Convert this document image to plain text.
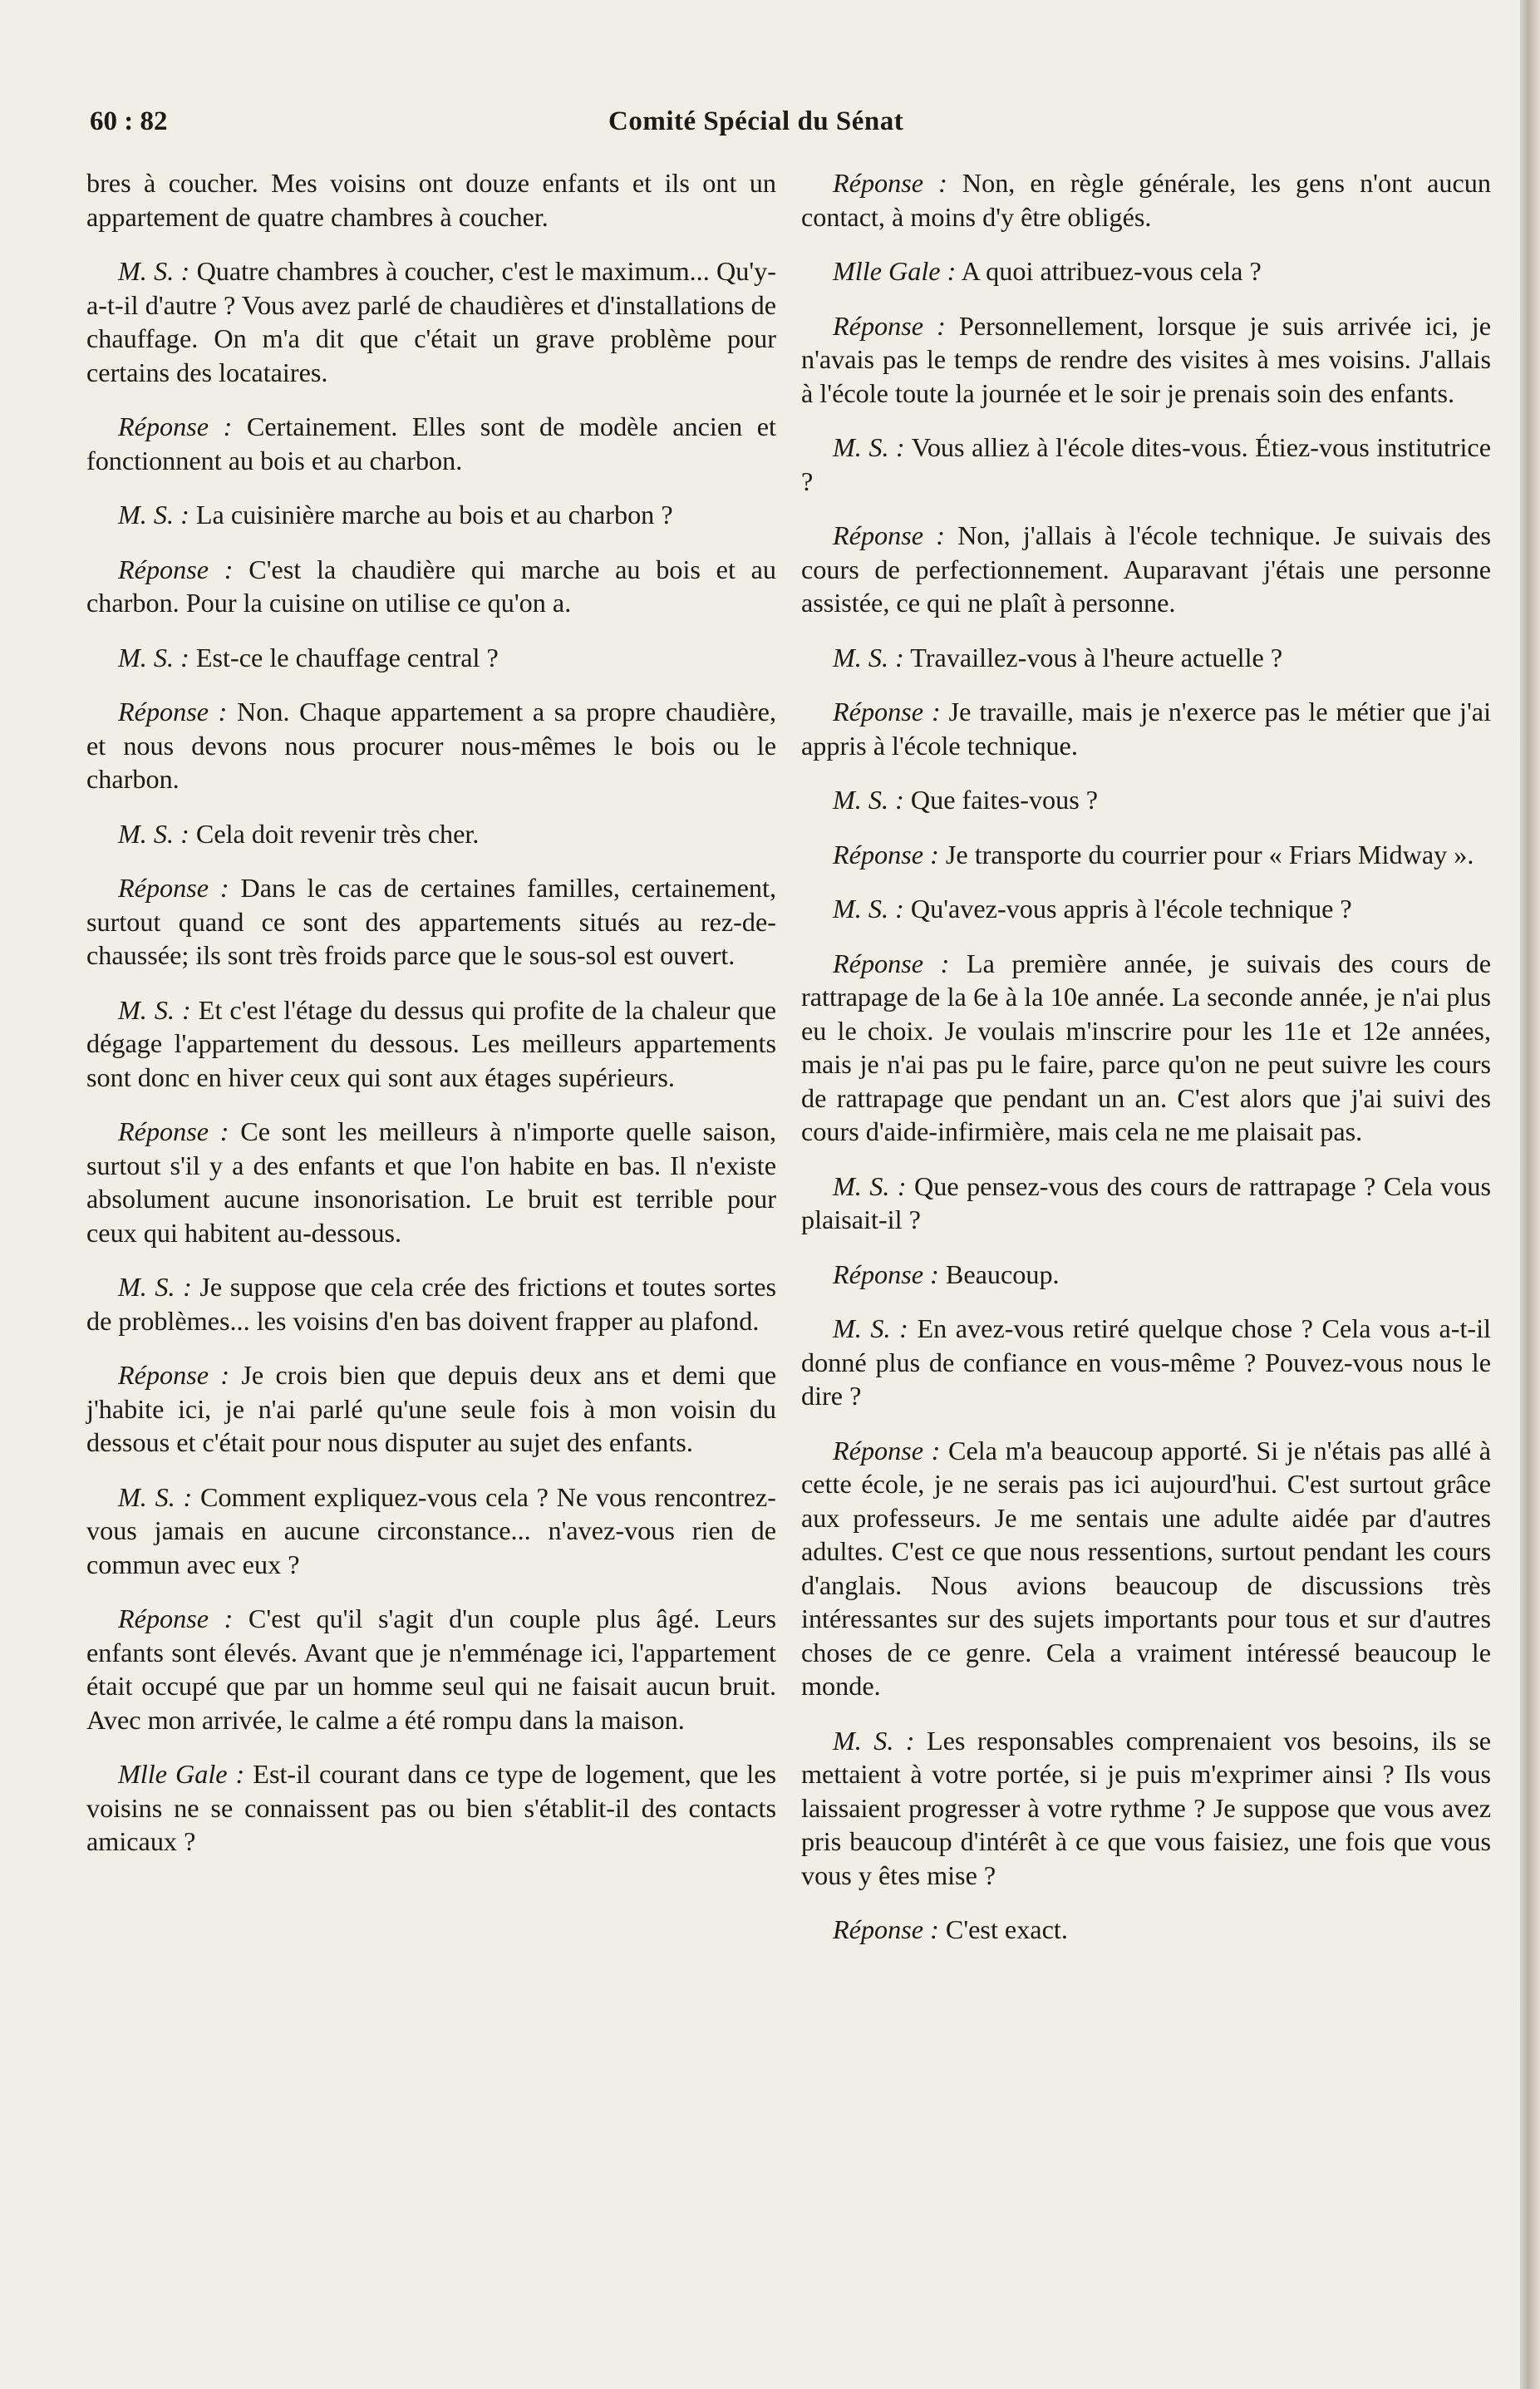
60 : 82	Comité Spécial du Sénat

bres à coucher. Mes voisins ont douze enfants et ils ont un appartement de quatre chambres à coucher.

M. S. : Quatre chambres à coucher, c'est le maximum... Qu'y-a-t-il d'autre ? Vous avez parlé de chaudières et d'installations de chauffage. On m'a dit que c'était un grave problème pour certains des locataires.

Réponse : Certainement. Elles sont de modèle ancien et fonctionnent au bois et au charbon.

M. S. : La cuisinière marche au bois et au charbon ?

Réponse : C'est la chaudière qui marche au bois et au charbon. Pour la cuisine on utilise ce qu'on a.

M. S. : Est-ce le chauffage central ?

Réponse : Non. Chaque appartement a sa propre chaudière, et nous devons nous procurer nous-mêmes le bois ou le charbon.

M. S. : Cela doit revenir très cher.

Réponse : Dans le cas de certaines familles, certainement, surtout quand ce sont des appartements situés au rez-de-chaussée; ils sont très froids parce que le sous-sol est ouvert.

M. S. : Et c'est l'étage du dessus qui profite de la chaleur que dégage l'appartement du dessous. Les meilleurs appartements sont donc en hiver ceux qui sont aux étages supérieurs.

Réponse : Ce sont les meilleurs à n'importe quelle saison, surtout s'il y a des enfants et que l'on habite en bas. Il n'existe absolument aucune insonorisation. Le bruit est terrible pour ceux qui habitent au-dessous.

M. S. : Je suppose que cela crée des frictions et toutes sortes de problèmes... les voisins d'en bas doivent frapper au plafond.

Réponse : Je crois bien que depuis deux ans et demi que j'habite ici, je n'ai parlé qu'une seule fois à mon voisin du dessous et c'était pour nous disputer au sujet des enfants.

M. S. : Comment expliquez-vous cela ? Ne vous rencontrez-vous jamais en aucune circonstance... n'avez-vous rien de commun avec eux ?

Réponse : C'est qu'il s'agit d'un couple plus âgé. Leurs enfants sont élevés. Avant que je n'emménage ici, l'appartement était occupé que par un homme seul qui ne faisait aucun bruit. Avec mon arrivée, le calme a été rompu dans la maison.

Mlle Gale : Est-il courant dans ce type de logement, que les voisins ne se connaissent pas ou bien s'établit-il des contacts amicaux ?

Réponse : Non, en règle générale, les gens n'ont aucun contact, à moins d'y être obligés.

Mlle Gale : A quoi attribuez-vous cela ?

Réponse : Personnellement, lorsque je suis arrivée ici, je n'avais pas le temps de rendre des visites à mes voisins. J'allais à l'école toute la journée et le soir je prenais soin des enfants.

M. S. : Vous alliez à l'école dites-vous. Étiez-vous institutrice ?

Réponse : Non, j'allais à l'école technique. Je suivais des cours de perfectionnement. Auparavant j'étais une personne assistée, ce qui ne plaît à personne.

M. S. : Travaillez-vous à l'heure actuelle ?

Réponse : Je travaille, mais je n'exerce pas le métier que j'ai appris à l'école technique.

M. S. : Que faites-vous ?

Réponse : Je transporte du courrier pour « Friars Midway ».

M. S. : Qu'avez-vous appris à l'école technique ?

Réponse : La première année, je suivais des cours de rattrapage de la 6e à la 10e année. La seconde année, je n'ai plus eu le choix. Je voulais m'inscrire pour les 11e et 12e années, mais je n'ai pas pu le faire, parce qu'on ne peut suivre les cours de rattrapage que pendant un an. C'est alors que j'ai suivi des cours d'aide-infirmière, mais cela ne me plaisait pas.

M. S. : Que pensez-vous des cours de rattrapage ? Cela vous plaisait-il ?

Réponse : Beaucoup.

M. S. : En avez-vous retiré quelque chose ? Cela vous a-t-il donné plus de confiance en vous-même ? Pouvez-vous nous le dire ?

Réponse : Cela m'a beaucoup apporté. Si je n'étais pas allé à cette école, je ne serais pas ici aujourd'hui. C'est surtout grâce aux professeurs. Je me sentais une adulte aidée par d'autres adultes. C'est ce que nous ressentions, surtout pendant les cours d'anglais. Nous avions beaucoup de discussions très intéressantes sur des sujets importants pour tous et sur d'autres choses de ce genre. Cela a vraiment intéressé beaucoup le monde.

M. S. : Les responsables comprenaient vos besoins, ils se mettaient à votre portée, si je puis m'exprimer ainsi ? Ils vous laissaient progresser à votre rythme ? Je suppose que vous avez pris beaucoup d'intérêt à ce que vous faisiez, une fois que vous vous y êtes mise ?

Réponse : C'est exact.
